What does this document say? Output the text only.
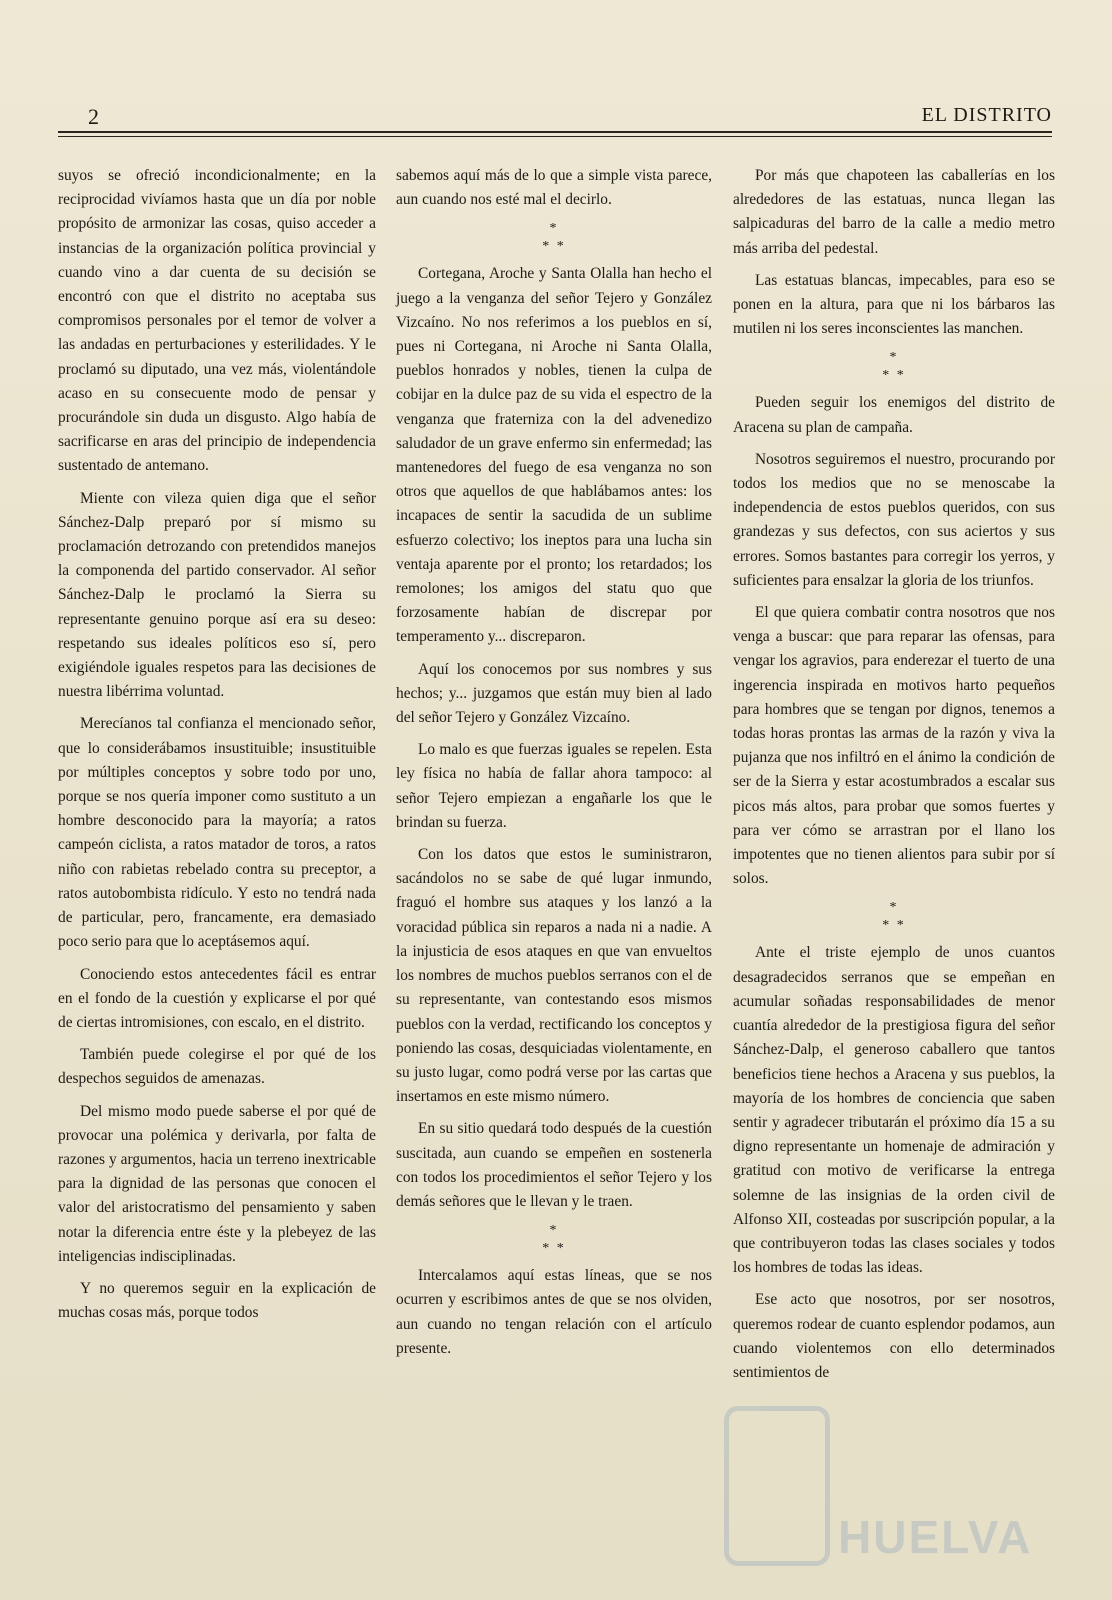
2	EL DISTRITO

suyos se ofreció incondicionalmente; en la reciprocidad vivíamos hasta que un día por noble propósito de armonizar las cosas, quiso acceder a instancias de la organización política provincial y cuando vino a dar cuenta de su decisión se encontró con que el distrito no aceptaba sus compromisos personales por el temor de volver a las andadas en perturbaciones y esterilidades. Y le proclamó su diputado, una vez más, violentándole acaso en su consecuente modo de pensar y procurándole sin duda un disgusto. Algo había de sacrificarse en aras del principio de independencia sustentado de antemano.

Miente con vileza quien diga que el señor Sánchez-Dalp preparó por sí mismo su proclamación detrozando con pretendidos manejos la componenda del partido conservador. Al señor Sánchez-Dalp le proclamó la Sierra su representante genuino porque así era su deseo: respetando sus ideales políticos eso sí, pero exigiéndole iguales respetos para las decisiones de nuestra libérrima voluntad.

Merecíanos tal confianza el mencionado señor, que lo considerábamos insustituible; insustituible por múltiples conceptos y sobre todo por uno, porque se nos quería imponer como sustituto a un hombre desconocido para la mayoría; a ratos campeón ciclista, a ratos matador de toros, a ratos niño con rabietas rebelado contra su preceptor, a ratos autobombista ridículo. Y esto no tendrá nada de particular, pero, francamente, era demasiado poco serio para que lo aceptásemos aquí.

Conociendo estos antecedentes fácil es entrar en el fondo de la cuestión y explicarse el por qué de ciertas intromisiones, con escalo, en el distrito.

También puede colegirse el por qué de los despechos seguidos de amenazas.

Del mismo modo puede saberse el por qué de provocar una polémica y derivarla, por falta de razones y argumentos, hacia un terreno inextricable para la dignidad de las personas que conocen el valor del aristocratismo del pensamiento y saben notar la diferencia entre éste y la plebeyez de las inteligencias indisciplinadas.

Y no queremos seguir en la explicación de muchas cosas más, porque todos

sabemos aquí más de lo que a simple vista parece, aun cuando nos esté mal el decirlo.

*
* *

Cortegana, Aroche y Santa Olalla han hecho el juego a la venganza del señor Tejero y González Vizcaíno. No nos referimos a los pueblos en sí, pues ni Cortegana, ni Aroche ni Santa Olalla, pueblos honrados y nobles, tienen la culpa de cobijar en la dulce paz de su vida el espectro de la venganza que fraterniza con la del advenedizo saludador de un grave enfermo sin enfermedad; las mantenedores del fuego de esa venganza no son otros que aquellos de que hablábamos antes: los incapaces de sentir la sacudida de un sublime esfuerzo colectivo; los ineptos para una lucha sin ventaja aparente por el pronto; los retardados; los remolones; los amigos del statu quo que forzosamente habían de discrepar por temperamento y... discreparon.

Aquí los conocemos por sus nombres y sus hechos; y... juzgamos que están muy bien al lado del señor Tejero y González Vizcaíno.

Lo malo es que fuerzas iguales se repelen. Esta ley física no había de fallar ahora tampoco: al señor Tejero empiezan a engañarle los que le brindan su fuerza.

Con los datos que estos le suministraron, sacándolos no se sabe de qué lugar inmundo, fraguó el hombre sus ataques y los lanzó a la voracidad pública sin reparos a nada ni a nadie. A la injusticia de esos ataques en que van envueltos los nombres de muchos pueblos serranos con el de su representante, van contestando esos mismos pueblos con la verdad, rectificando los conceptos y poniendo las cosas, desquiciadas violentamente, en su justo lugar, como podrá verse por las cartas que insertamos en este mismo número.

En su sitio quedará todo después de la cuestión suscitada, aun cuando se empeñen en sostenerla con todos los procedimientos el señor Tejero y los demás señores que le llevan y le traen.

*
* *

Intercalamos aquí estas líneas, que se nos ocurren y escribimos antes de que se nos olviden, aun cuando no tengan relación con el artículo presente.

Por más que chapoteen las caballerías en los alrededores de las estatuas, nunca llegan las salpicaduras del barro de la calle a medio metro más arriba del pedestal.

Las estatuas blancas, impecables, para eso se ponen en la altura, para que ni los bárbaros las mutilen ni los seres inconscientes las manchen.

*
* *

Pueden seguir los enemigos del distrito de Aracena su plan de campaña.

Nosotros seguiremos el nuestro, procurando por todos los medios que no se menoscabe la independencia de estos pueblos queridos, con sus grandezas y sus defectos, con sus aciertos y sus errores. Somos bastantes para corregir los yerros, y suficientes para ensalzar la gloria de los triunfos.

El que quiera combatir contra nosotros que nos venga a buscar: que para reparar las ofensas, para vengar los agravios, para enderezar el tuerto de una ingerencia inspirada en motivos harto pequeños para hombres que se tengan por dignos, tenemos a todas horas prontas las armas de la razón y viva la pujanza que nos infiltró en el ánimo la condición de ser de la Sierra y estar acostumbrados a escalar sus picos más altos, para probar que somos fuertes y para ver cómo se arrastran por el llano los impotentes que no tienen alientos para subir por sí solos.

*
* *

Ante el triste ejemplo de unos cuantos desagradecidos serranos que se empeñan en acumular soñadas responsabilidades de menor cuantía alrededor de la prestigiosa figura del señor Sánchez-Dalp, el generoso caballero que tantos beneficios tiene hechos a Aracena y sus pueblos, la mayoría de los hombres de conciencia que saben sentir y agradecer tributarán el próximo día 15 a su digno representante un homenaje de admiración y gratitud con motivo de verificarse la entrega solemne de las insignias de la orden civil de Alfonso XII, costeadas por suscripción popular, a la que contribuyeron todas las clases sociales y todos los hombres de todas las ideas.

Ese acto que nosotros, por ser nosotros, queremos rodear de cuanto esplendor podamos, aun cuando violentemos con ello determinados sentimientos de

HUELVA
